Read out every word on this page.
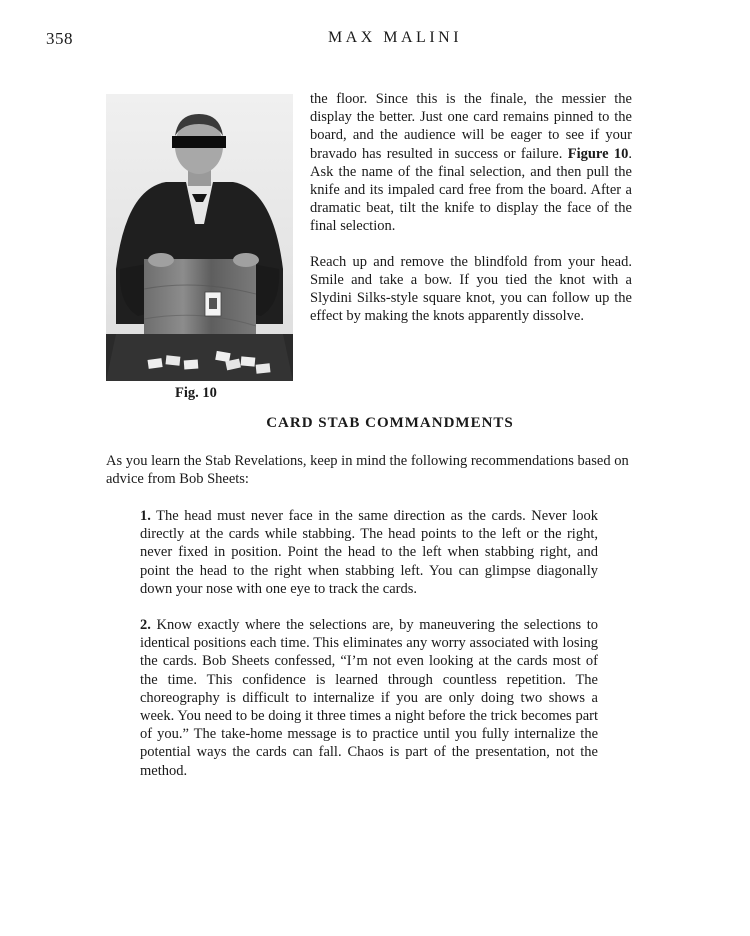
358	MAX MALINI
Fig. 10

the floor. Since this is the finale, the messier the display the better. Just one card remains pinned to the board, and the audience will be eager to see if your bravado has resulted in success or failure. Figure 10. Ask the name of the final selection, and then pull the knife and its impaled card free from the board. After a dramatic beat, tilt the knife to display the face of the final selection.

Reach up and remove the blindfold from your head. Smile and take a bow. If you tied the knot with a Slydini Silks-style square knot, you can follow up the effect by making the knots apparently dissolve.

CARD STAB COMMANDMENTS

As you learn the Stab Revelations, keep in mind the following recommendations based on advice from Bob Sheets:

1. The head must never face in the same direction as the cards. Never look directly at the cards while stabbing. The head points to the left or the right, never fixed in position. Point the head to the left when stabbing right, and point the head to the right when stabbing left. You can glimpse diagonally down your nose with one eye to track the cards.

2. Know exactly where the selections are, by maneuvering the selections to identical positions each time. This eliminates any worry associated with losing the cards. Bob Sheets confessed, “I’m not even looking at the cards most of the time. This confidence is learned through countless repetition. The choreography is difficult to internalize if you are only doing two shows a week. You need to be doing it three times a night before the trick becomes part of you.” The take-home message is to practice until you fully internalize the potential ways the cards can fall. Chaos is part of the presentation, not the method.
